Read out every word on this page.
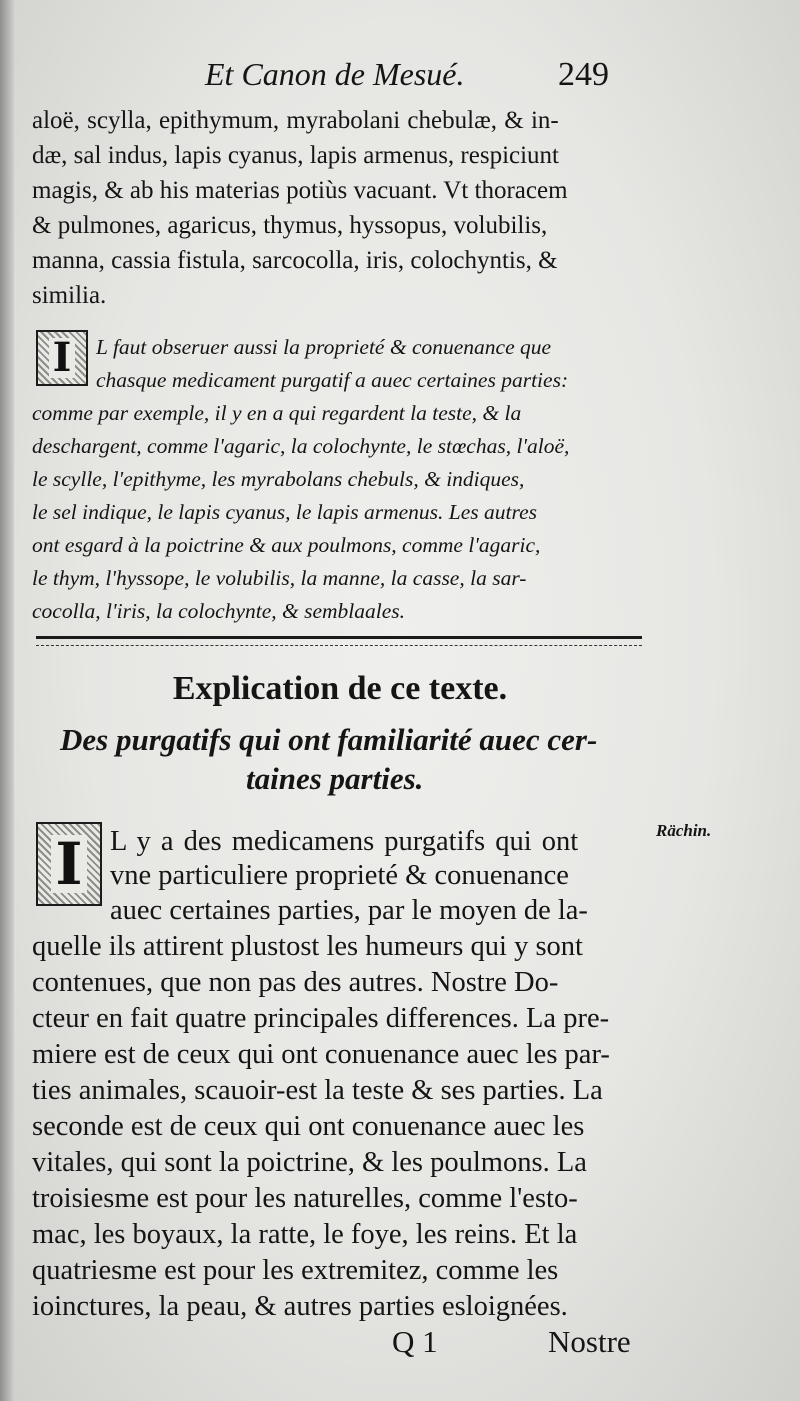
Et Canon de Mesué.	249
aloë, scylla, epithymum, myrabolani chebulæ, & in-
dæ, sal indus, lapis cyanus, lapis armenus, respiciunt
magis, & ab his materias potiùs vacuant. Vt thoracem
& pulmones, agaricus, thymus, hyssopus, volubilis,
manna, cassia fistula, sarcocolla, iris, colochyntis, &
similia.
I L faut obseruer aussi la proprieté & conuenance que
chasque medicament purgatif a auec certaines parties:
comme par exemple, il y en a qui regardent la teste, & la
deschargent, comme l'agaric, la colochynte, le stœchas, l'aloë,
le scylle, l'epithyme, les myrabolans chebuls, & indiques,
le sel indique, le lapis cyanus, le lapis armenus. Les autres
ont esgard à la poictrine & aux poulmons, comme l'agaric,
le thym, l'hyssope, le volubilis, la manne, la casse, la sar-
cocolla, l'iris, la colochynte, & semblaales.
Explication de ce texte.
Des purgatifs qui ont familiarité auec cer-
taines parties.
I	Rächin.
L y a des medicamens purgatifs qui ont
vne particuliere proprieté & conuenance
auec certaines parties, par le moyen de la-
quelle ils attirent plustost les humeurs qui y sont
contenues, que non pas des autres. Nostre Do-
cteur en fait quatre principales differences. La pre-
miere est de ceux qui ont conuenance auec les par-
ties animales, scauoir-est la teste & ses parties. La
seconde est de ceux qui ont conuenance auec les
vitales, qui sont la poictrine, & les poulmons. La
troisiesme est pour les naturelles, comme l'esto-
mac, les boyaux, la ratte, le foye, les reins. Et la
quatriesme est pour les extremitez, comme les
ioinctures, la peau, & autres parties esloignées.
Q 1	Nostre
